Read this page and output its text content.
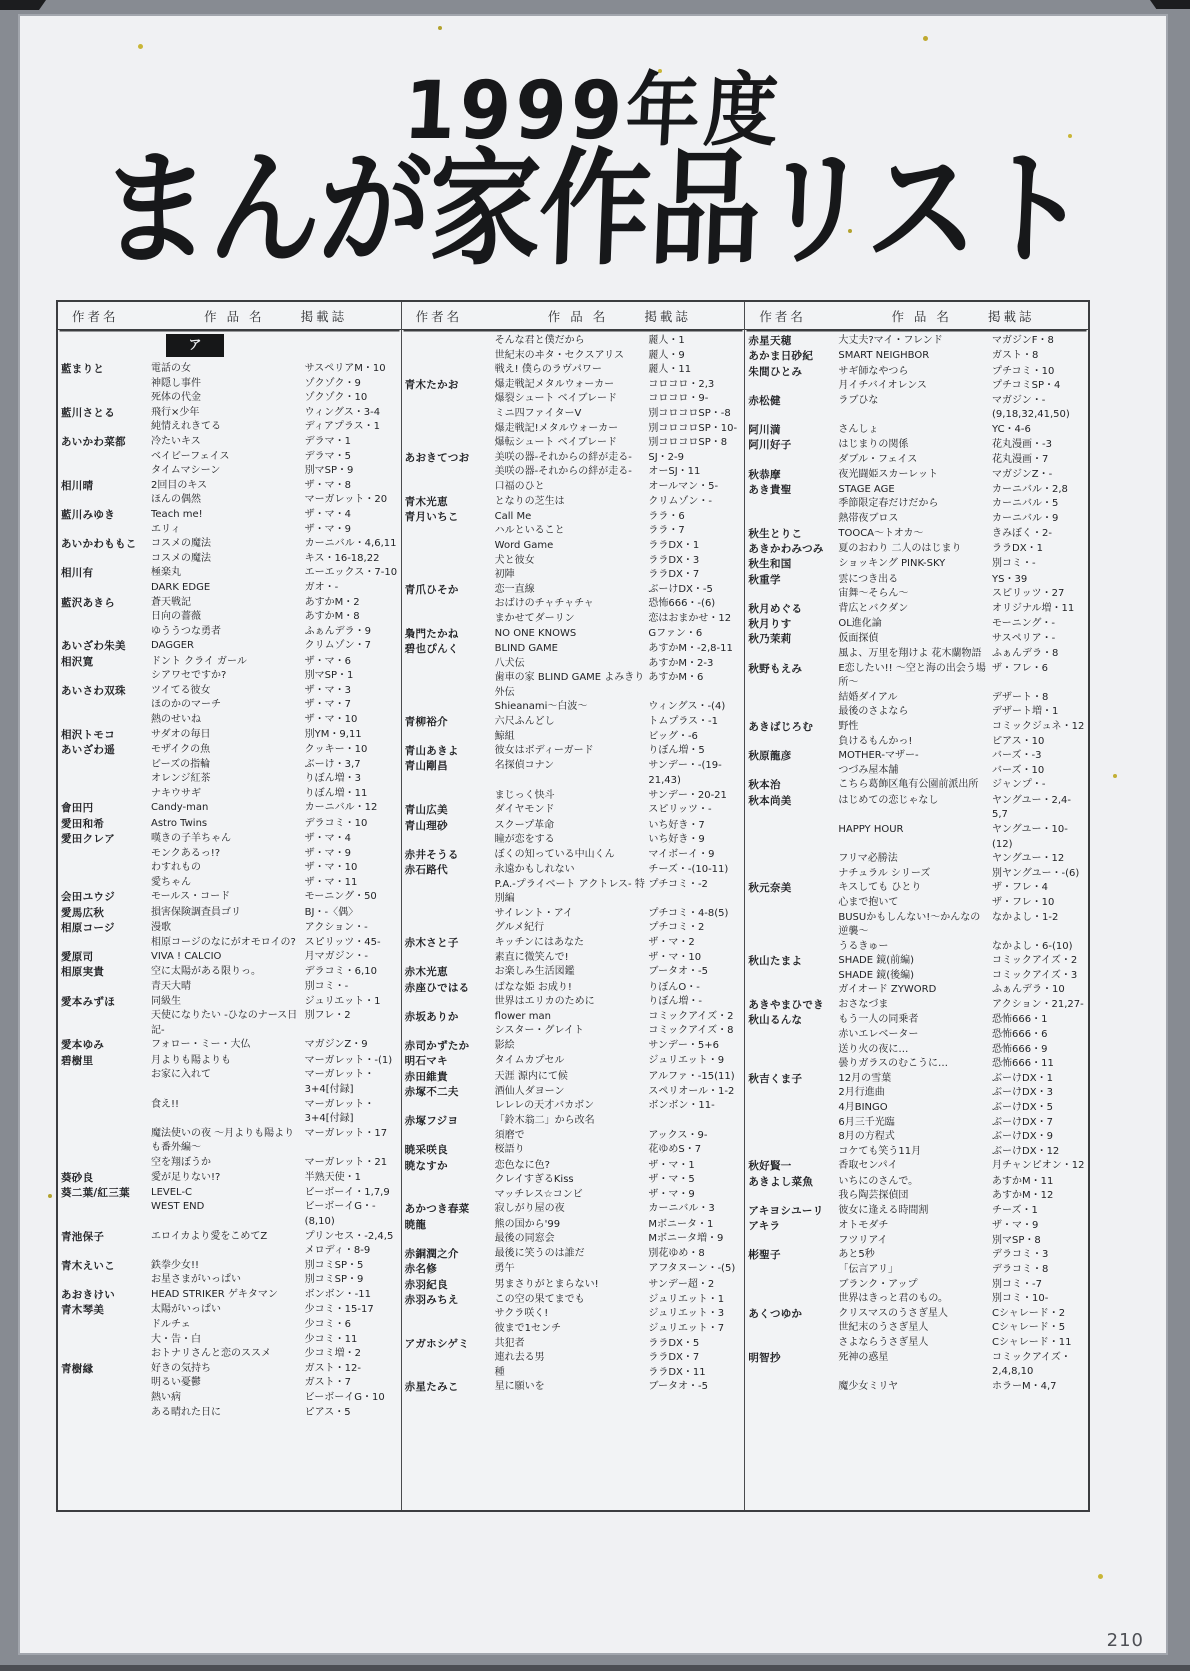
1999年度
まんが家作品リスト
作者名	作 品 名	掲載誌
ア
藍まりと	電話の女	サスペリアM・10
神隠し事件	ゾクゾク・9
死体の代金	ゾクゾク・10
藍川さとる	飛行×少年	ウィングス・3-4
純情えれきてる	ディアプラス・1
あいかわ菜都	冷たいキス	デラマ・1
ベイビーフェイス	デラマ・5
タイムマシーン	別マSP・9
相川晴	2回目のキス	ザ・マ・8
ほんの偶然	マーガレット・20
藍川みゆき	Teach me!	ザ・マ・4
エリィ	ザ・マ・9
あいかわももこ	コスメの魔法	カーニバル・4,6,11
コスメの魔法	キス・16-18,22
相川有	極楽丸	エーエックス・7-10
DARK EDGE	ガオ・-
藍沢あきら	蒼天戦記	あすかM・2
日向の薔薇	あすかM・8
ゆううつな勇者	ふぁんデラ・9
あいざわ朱美	DAGGER	クリムゾン・7
相沢寛	ドント クライ ガール	ザ・マ・6
シアワセですか?	別マSP・1
あいさわ双珠	ツイてる彼女	ザ・マ・3
ほのかのマーチ	ザ・マ・7
熱のせいね	ザ・マ・10
相沢トモコ	サダオの毎日	別YM・9,11
あいざわ遥	モザイクの魚	クッキー・10
ビーズの指輪	ぶーけ・3,7
オレンジ紅茶	りぼん増・3
ナキウサギ	りぼん増・11
會田円	Candy-man	カーニバル・12
愛田和希	Astro Twins	デラコミ・10
愛田クレア	嘆きの子羊ちゃん	ザ・マ・4
モンクあるっ!?	ザ・マ・9
わすれもの	ザ・マ・10
愛ちゃん	ザ・マ・11
会田ユウジ	モールス・コード	モーニング・50
愛馬広秋	損害保険調査員ゴリ	BJ・-〈偶〉
相原コージ	漫歌	アクション・-
相原コージのなにがオモロイの? スピリッツ・45-
愛原司	VIVA ! CALCIO	月マガジン・-
相原実貴	空に太陽がある限りっ。	デラコミ・6,10
青天大晴	別コミ・-
愛本みずほ	同級生	ジュリエット・1
天使になりたい -ひなのナース日記-
別フレ・2
愛本ゆみ	フォロー・ミー・大仏	マガジンZ・9
碧樹里	月よりも陽よりも	マーガレット・-(1)
お家に入れて	マーガレット・3+4[付録]
食え!!	マーガレット・3+4[付録]
魔法使いの夜 ～月よりも陽よりも番外編～
マーガレット・17
空を翔ぼうか	マーガレット・21
葵砂良	愛が足りない!?	半熟天使・1
葵二葉/紅三葉	LEVEL-C	ビーボーイ・1,7,9
WEST END	ビーボーイG・-(8,10)
青池保子	エロイカより愛をこめてZ	プリンセス・-2,4,5
メロディ・8-9
青木えいこ	鉄拳少女!!	別コミSP・5
お星さまがいっぱい	別コミSP・9
あおきけい	HEAD STRIKER ゲキタマン	ボンボン・-11
青木琴美	太陽がいっぱい	少コミ・15-17
ドルチェ	少コミ・6
大・告・白	少コミ・11
おトナリさんと恋のススメ	少コミ増・2
青樹縁	好きの気持ち	ガスト・12-
明るい憂鬱	ガスト・7
熱い病	ビーボーイG・10
ある晴れた日に	ピアス・5
作者名	作 品 名	掲載誌
そんな君と僕だから	麗人・1
世紀末のヰタ・セクスアリス	麗人・9
戦え! 僕らのラヴパワー	麗人・11
青木たかお	爆走戦記メタルウォーカー	コロコロ・2,3
爆裂シュート ベイブレード	コロコロ・9-
ミニ四ファイターV	別コロコロSP・-8
爆走戦記!メタルウォーカー	別コロコロSP・10-
爆転シュート ベイブレード	別コロコロSP・8
あおきてつお	美咲の器-それからの絆が走る-	SJ・2-9
美咲の器-それからの絆が走る-	オーSJ・11
口福のひと	オールマン・5-
青木光恵	となりの芝生は	クリムゾン・-
青月いちこ	Call Me	ララ・6
ハルといること	ララ・7
Word Game	ララDX・1
犬と彼女	ララDX・3
初陣	ララDX・7
青爪ひそか	恋一直線	ぶーけDX・-5
おばけのチャチャチャ	恐怖666・-(6)
まかせてダーリン	恋はおまかせ・12
梟門たかね	NO ONE KNOWS	Gファン・6
碧也ぴんく	BLIND GAME	あすかM・-2,8-11
八犬伝	あすかM・2-3
歯車の家 BLIND GAME よみきり外伝
あすかM・6
Shieanami～白波～	ウィングス・-(4)
青柳裕介	六尺ふんどし	トムプラス・-1
鯨組	ビッグ・-6
青山あきよ	彼女はボディーガード	りぼん増・5
青山剛昌	名探偵コナン	サンデー・-(19-21,43)
まじっく快斗	サンデー・20-21
青山広美	ダイヤモンド	スピリッツ・-
青山理砂	スクープ革命	いち好き・7
瞳が恋をする	いち好き・9
赤井そうる	ぼくの知っている中山くん	マイボーイ・9
赤石路代	永遠かもしれない	チーズ・-(10-11)
P.A.-プライベート アクトレス- 特別編
プチコミ・-2
サイレント・アイ	プチコミ・4-8(5)
グルメ紀行	プチコミ・2
赤木さと子	キッチンにはあなた	ザ・マ・2
素直に微笑んで!	ザ・マ・10
赤木光恵	お楽しみ生活図鑑	ブータオ・-5
赤座ひではる	ばなな姫 お成り!	りぼんO・-
世界はエリカのために	りぼん増・-
赤坂ありか	flower man	コミックアイズ・2
シスター・グレイト	コミックアイズ・8
赤司かずたか	影絵	サンデー・5+6
明石マキ	タイムカプセル	ジュリエット・9
赤田維貴	天涯 源内にて候	アルファ・-15(11)
赤塚不二夫	酒仙人ダヨーン	スペリオール・1-2
レレレの天才バカボン	ボンボン・11-
赤塚フジヨ	「鈴木翁二」から改名
須磨で	アックス・9-
暁采咲良	桜語り	花ゆめS・7
暁なすか	恋色なに色?	ザ・マ・1
クレイすぎるKiss	ザ・マ・5
マッチレス☆コンビ	ザ・マ・9
あかつき春菜	寂しがり屋の夜	カーニバル・3
暁龍	熊の国から'99	Mボニータ・1
最後の同窓会	Mボニータ増・9
赤銅潤之介	最後に笑うのは誰だ	別花ゆめ・8
赤名修	勇午	アフタヌーン・-(5)
赤羽紀良	男まさりがとまらない!	サンデー超・2
赤羽みちえ	この空の果てまでも	ジュリエット・1
サクラ咲く!	ジュリエット・3
彼まで1センチ	ジュリエット・7
アガホシゲミ	共犯者	ララDX・5
連れ去る男	ララDX・7
種	ララDX・11
赤星たみこ	星に願いを	ブータオ・-5
作者名	作 品 名	掲載誌
赤星天穂	大丈夫?マイ・フレンド	マガジンF・8
あかま日砂紀	SMART NEIGHBOR	ガスト・8
朱間ひとみ	サギ師なやつら	プチコミ・10
月イチバイオレンス	プチコミSP・4
赤松健	ラブひな	マガジン・-(9,18,32,41,50)
阿川満	さんしょ	YC・4-6
阿川好子	はじまりの関係	花丸漫画・-3
ダブル・フェイス	花丸漫画・7
秋恭摩	夜光闘姫スカーレット	マガジンZ・-
あき貴聖	STAGE AGE	カーニバル・2,8
季節限定春だけだから	カーニバル・5
熱帯夜ブロス	カーニバル・9
秋生とりこ	TOOCA～トオカ～	きみぼく・2-
あきかわみつみ	夏のおわり 二人のはじまり	ララDX・1
秋生和国	ショッキング PINK-SKY	別コミ・-
秋重学	雲につき出る	YS・39
宙舞～そらん～	スピリッツ・27
秋月めぐる	背広とバクダン	オリジナル増・11
秋月りす	OL進化論	モーニング・-
秋乃茉莉	仮面探偵	サスペリア・-
風よ、万里を翔けよ 花木蘭物語	ふぁんデラ・8
秋野もえみ	E恋したい!! ～空と海の出会う場所～
ザ・フレ・6
結婚ダイアル	デザート・8
最後のさよなら	デザート増・1
あきばじろむ	野性	コミックジュネ・12
負けるもんかっ!	ピアス・10
秋原龍彦	MOTHER-マザー-	バーズ・-3
つづみ屋本舗	バーズ・10
秋本治	こちら葛飾区亀有公園前派出所	ジャンプ・-
秋本尚美	はじめての恋じゃなし	ヤングユー・2,4-5,7
HAPPY HOUR	ヤングユー・10-(12)
フリマ必勝法	ヤングユー・12
ナチュラル シリーズ	別ヤングユー・-(6)
秋元奈美	キスしても ひとり	ザ・フレ・4
心まで抱いて	ザ・フレ・10
BUSUかもしんない!～かんなの逆襲～
なかよし・1-2
うるきゅー	なかよし・6-(10)
秋山たまよ	SHADE 鏡(前編)	コミックアイズ・2
SHADE 鏡(後編)	コミックアイズ・3
ガイオード ZYWORD	ふぁんデラ・10
あきやまひでき	おさなづま	アクション・21,27-
秋山るんな	もう一人の同乗者	恐怖666・1
赤いエレベーター	恐怖666・6
送り火の夜に…	恐怖666・9
曇りガラスのむこうに…	恐怖666・11
秋吉くま子	12月の雪葉	ぶーけDX・1
2月行進曲	ぶーけDX・3
4月BINGO	ぶーけDX・5
6月三千光臨	ぶーけDX・7
8月の方程式	ぶーけDX・9
コケても笑う11月	ぶーけDX・12
秋好賢一	香取センパイ	月チャンピオン・12
あきよし菜魚	いちにのさんで。	あすかM・11
我ら陶芸探偵団	あすかM・12
アキヨシユーリ	彼女に逢える時間割	チーズ・1
アキラ	オトモダチ	ザ・マ・9
フツリアイ	別マSP・8
彬聖子	あと5秒	デラコミ・3
「伝言アリ」	デラコミ・8
ブランク・アップ	別コミ・-7
世界はきっと君のもの。	別コミ・10-
あくつゆか	クリスマスのうさぎ星人	Cシャレード・2
世紀末のうさぎ星人	Cシャレード・5
さよならうさぎ星人	Cシャレード・11
明智抄	死神の惑星	コミックアイズ・2,4,8,10
魔少女ミリヤ	ホラーM・4,7
210
